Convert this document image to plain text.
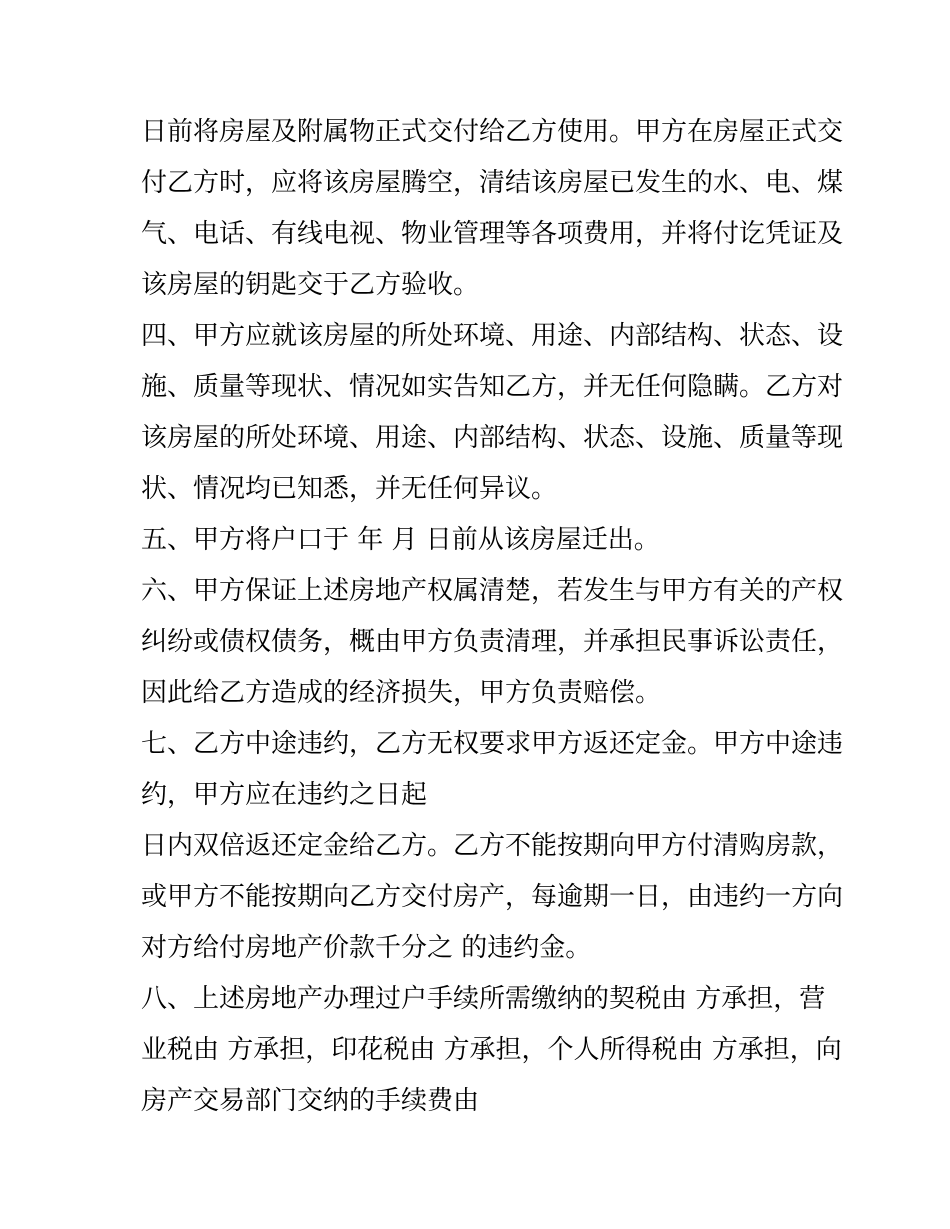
日前将房屋及附属物正式交付给乙方使用。甲方在房屋正式交
付乙方时，应将该房屋腾空，清结该房屋已发生的水、电、煤
气、电话、有线电视、物业管理等各项费用，并将付讫凭证及
该房屋的钥匙交于乙方验收。
四、甲方应就该房屋的所处环境、用途、内部结构、状态、设
施、质量等现状、情况如实告知乙方，并无任何隐瞒。乙方对
该房屋的所处环境、用途、内部结构、状态、设施、质量等现
状、情况均已知悉，并无任何异议。
五、甲方将户口于 年 月 日前从该房屋迁出。
六、甲方保证上述房地产权属清楚，若发生与甲方有关的产权
纠纷或债权债务，概由甲方负责清理，并承担民事诉讼责任，
因此给乙方造成的经济损失，甲方负责赔偿。
七、乙方中途违约，乙方无权要求甲方返还定金。甲方中途违
约，甲方应在违约之日起
日内双倍返还定金给乙方。乙方不能按期向甲方付清购房款，
或甲方不能按期向乙方交付房产，每逾期一日，由违约一方向
对方给付房地产价款千分之 的违约金。
八、上述房地产办理过户手续所需缴纳的契税由 方承担，营
业税由 方承担，印花税由 方承担，个人所得税由 方承担，向
房产交易部门交纳的手续费由
